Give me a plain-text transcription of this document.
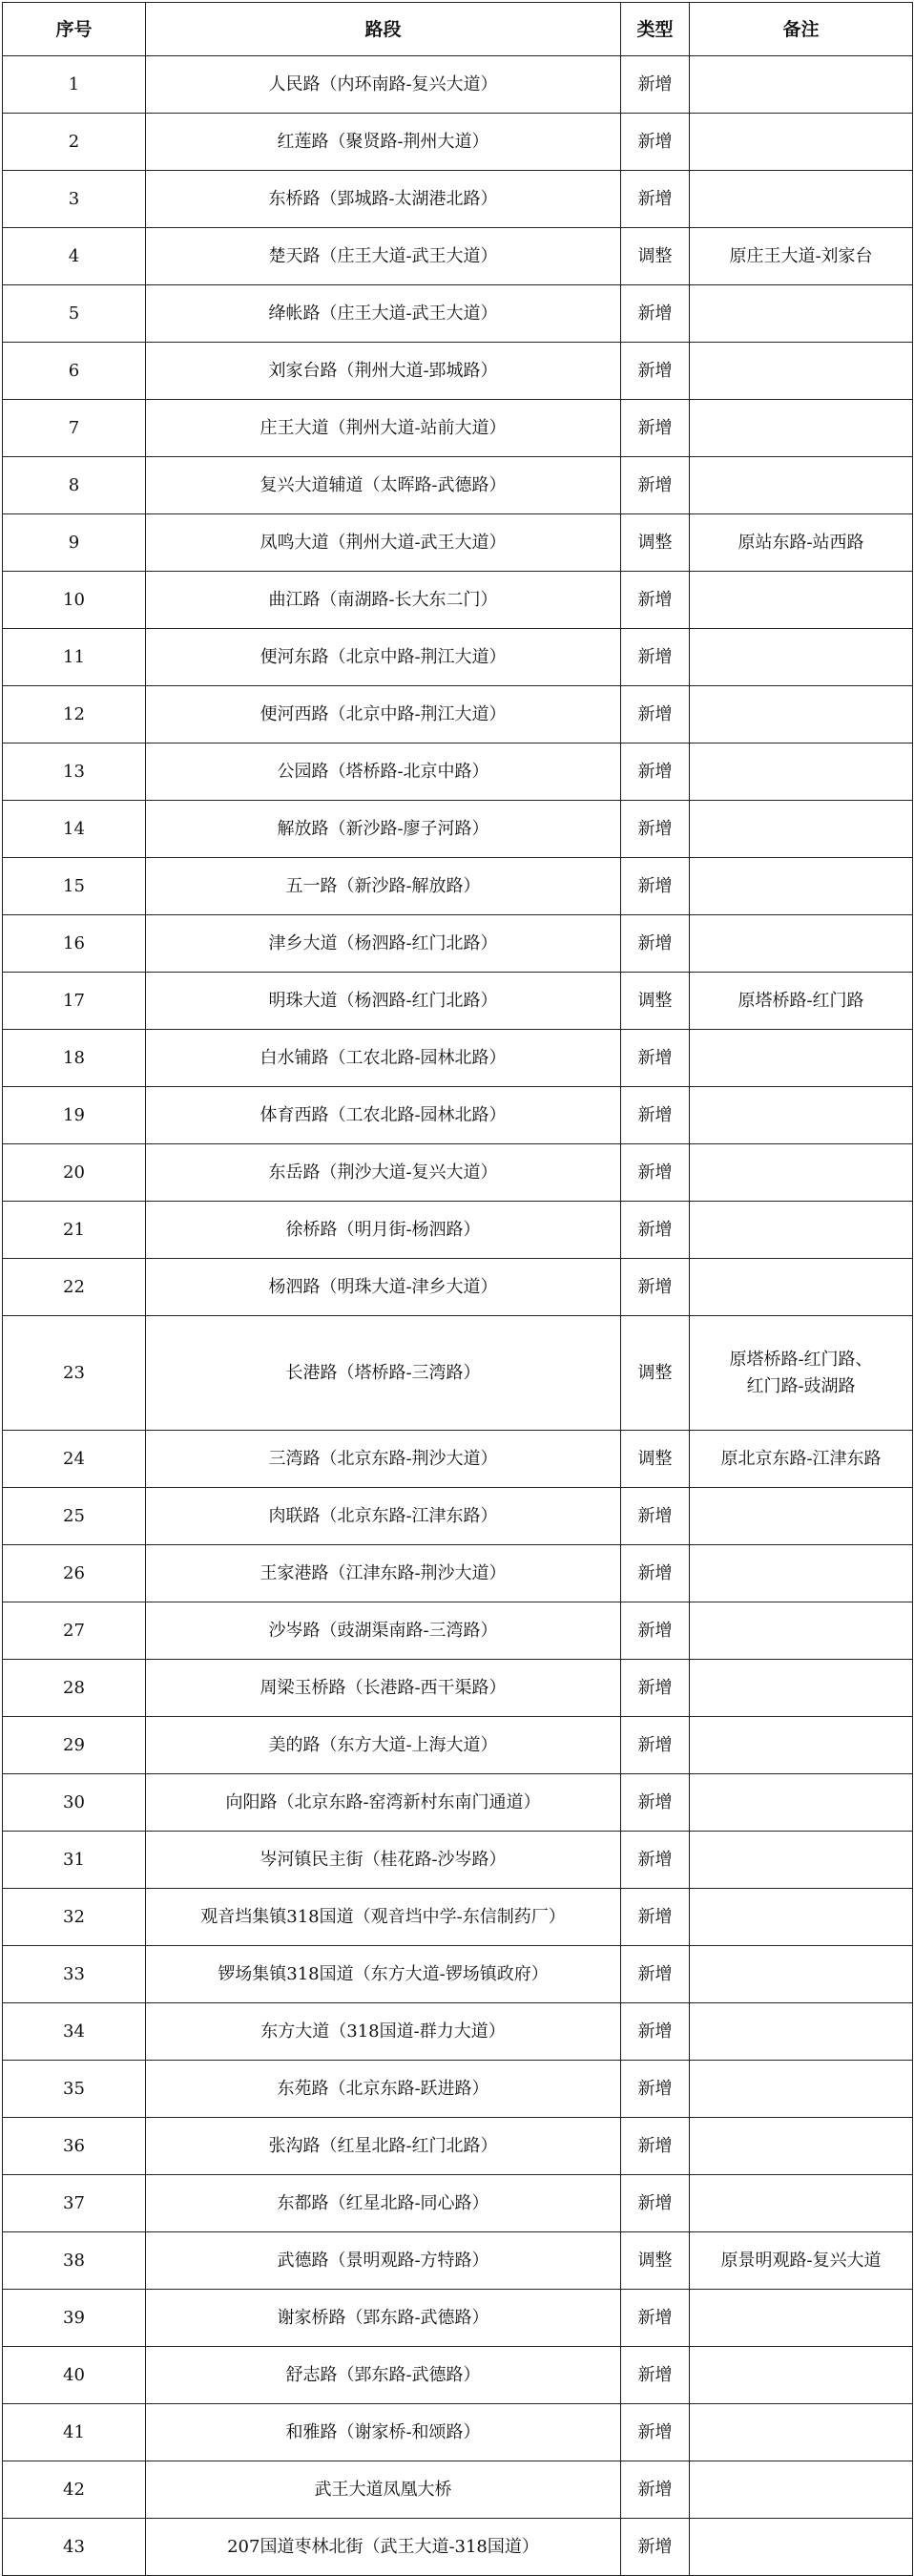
序号	路段	类型	备注
1	人民路（内环南路-复兴大道）	新增	

2	红莲路（聚贤路-荆州大道）	新增	

3	东桥路（郢城路-太湖港北路）	新增	

4	楚天路（庄王大道-武王大道）	调整	原庄王大道-刘家台

5	绛帐路（庄王大道-武王大道）	新增	

6	刘家台路（荆州大道-郢城路）	新增	

7	庄王大道（荆州大道-站前大道）	新增	

8	复兴大道辅道（太晖路-武德路）	新增	

9	凤鸣大道（荆州大道-武王大道）	调整	原站东路-站西路

10	曲江路（南湖路-长大东二门）	新增	

11	便河东路（北京中路-荆江大道）	新增	

12	便河西路（北京中路-荆江大道）	新增	

13	公园路（塔桥路-北京中路）	新增	

14	解放路（新沙路-廖子河路）	新增	

15	五一路（新沙路-解放路）	新增	

16	津乡大道（杨泗路-红门北路）	新增	

17	明珠大道（杨泗路-红门北路）	调整	原塔桥路-红门路

18	白水铺路（工农北路-园林北路）	新增	

19	体育西路（工农北路-园林北路）	新增	

20	东岳路（荆沙大道-复兴大道）	新增	

21	徐桥路（明月街-杨泗路）	新增	

22	杨泗路（明珠大道-津乡大道）	新增	

23	长港路（塔桥路-三湾路）	调整	原塔桥路-红门路、
红门路-豉湖路

24	三湾路（北京东路-荆沙大道）	调整	原北京东路-江津东路

25	肉联路（北京东路-江津东路）	新增	

26	王家港路（江津东路-荆沙大道）	新增	

27	沙岑路（豉湖渠南路-三湾路）	新增	

28	周梁玉桥路（长港路-西干渠路）	新增	

29	美的路（东方大道-上海大道）	新增	

30	向阳路（北京东路-窑湾新村东南门通道）	新增	

31	岑河镇民主街（桂花路-沙岑路）	新增	

32	观音垱集镇318国道（观音垱中学-东信制药厂）	新增	

33	锣场集镇318国道（东方大道-锣场镇政府）	新增	

34	东方大道（318国道-群力大道）	新增	

35	东苑路（北京东路-跃进路）	新增	

36	张沟路（红星北路-红门北路）	新增	

37	东都路（红星北路-同心路）	新增	

38	武德路（景明观路-方特路）	调整	原景明观路-复兴大道

39	谢家桥路（郢东路-武德路）	新增	

40	舒志路（郢东路-武德路）	新增	

41	和雅路（谢家桥-和颂路）	新增	

42	武王大道凤凰大桥	新增	

43	207国道枣林北街（武王大道-318国道）	新增	
